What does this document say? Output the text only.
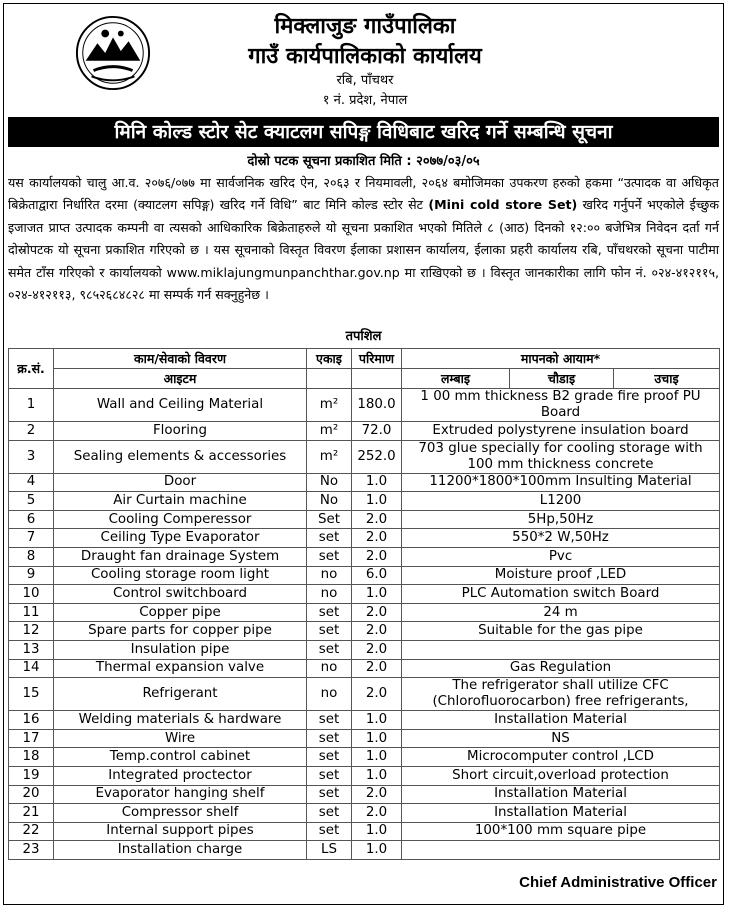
मिक्लाजुङ गाउँपालिका
गाउँ कार्यपालिकाको कार्यालय
रबि, पाँचथर
१ नं. प्रदेश, नेपाल
मिनि कोल्ड स्टोर सेट क्याटलग सपिङ्ग विधिबाट खरिद गर्ने सम्बन्धि सूचना
दोस्रो पटक सूचना प्रकाशित मिति : २०७७/०३/०५
यस कार्यालयको चालु आ.व. २०७६/०७७ मा सार्वजनिक खरिद ऐन, २०६३ र नियमावली, २०६४ बमोजिमका उपकरण हरुको हकमा “उत्पादक वा अधिकृत बिक्रेताद्वारा निर्धारित दरमा (क्याटलग सपिङ्ग) खरिद गर्ने विधि” बाट मिनि कोल्ड स्टोर सेट (Mini cold store Set) खरिद गर्नुपर्ने भएकोले ईच्छुक इजाजत प्राप्त उत्पादक कम्पनी वा त्यसको आधिकारिक बिक्रेताहरुले यो सूचना प्रकाशित भएको मितिले ८ (आठ) दिनको १२:०० बजेभित्र निवेदन दर्ता गर्न दोस्रोपटक यो सूचना प्रकाशित गरिएको छ । यस सूचनाको विस्तृत विवरण ईलाका प्रशासन कार्यालय, ईलाका प्रहरी कार्यालय रबि, पाँचथरको सूचना पाटीमा समेत टाँस गरिएको र कार्यालयको www.miklajungmunpanchthar.gov.np मा राखिएको छ । विस्तृत जानकारीका लागि फोन नं. ०२४-४१२११५, ०२४-४१२११३, ९८५२६८४८२८ मा सम्पर्क गर्न सक्नुहुनेछ ।
तपशिल
क्र.सं.	काम/सेवाको विवरण	एकाइ	परिमाण	मापनको आयाम*		
	आइटम			लम्बाइ	चौडाइ	उचाइ
1	Wall and Ceiling Material	m²	180.0	1 00 mm thickness B2 grade fire proof PU Board		
2	Flooring	m²	72.0	Extruded polystyrene insulation board		
3	Sealing elements & accessories	m²	252.0	703 glue specially for cooling storage with 100 mm thickness concrete		
4	Door	No	1.0	11200*1800*100mm Insulting Material		
5	Air Curtain machine	No	1.0	L1200		
6	Cooling Comperessor	Set	2.0	5Hp,50Hz		
7	Ceiling Type Evaporator	set	2.0	550*2 W,50Hz		
8	Draught fan drainage System	set	2.0	Pvc		
9	Cooling storage room light	no	6.0	Moisture proof ,LED		
10	Control switchboard	no	1.0	PLC Automation switch Board		
11	Copper pipe	set	2.0	24 m		
12	Spare parts for copper pipe	set	2.0	Suitable for the gas pipe		
13	Insulation pipe	set	2.0			
14	Thermal expansion valve	no	2.0	Gas Regulation		
15	Refrigerant	no	2.0	The refrigerator shall utilize CFC (Chlorofluorocarbon) free refrigerants,		
16	Welding materials & hardware	set	1.0	Installation Material		
17	Wire	set	1.0	NS		
18	Temp.control cabinet	set	1.0	Microcomputer control ,LCD		
19	Integrated proctector	set	1.0	Short circuit,overload protection		
20	Evaporator hanging shelf	set	2.0	Installation Material		
21	Compressor shelf	set	2.0	Installation Material		
22	Internal support pipes	set	1.0	100*100 mm square pipe		
23	Installation charge	LS	1.0			
Chief Administrative Officer
